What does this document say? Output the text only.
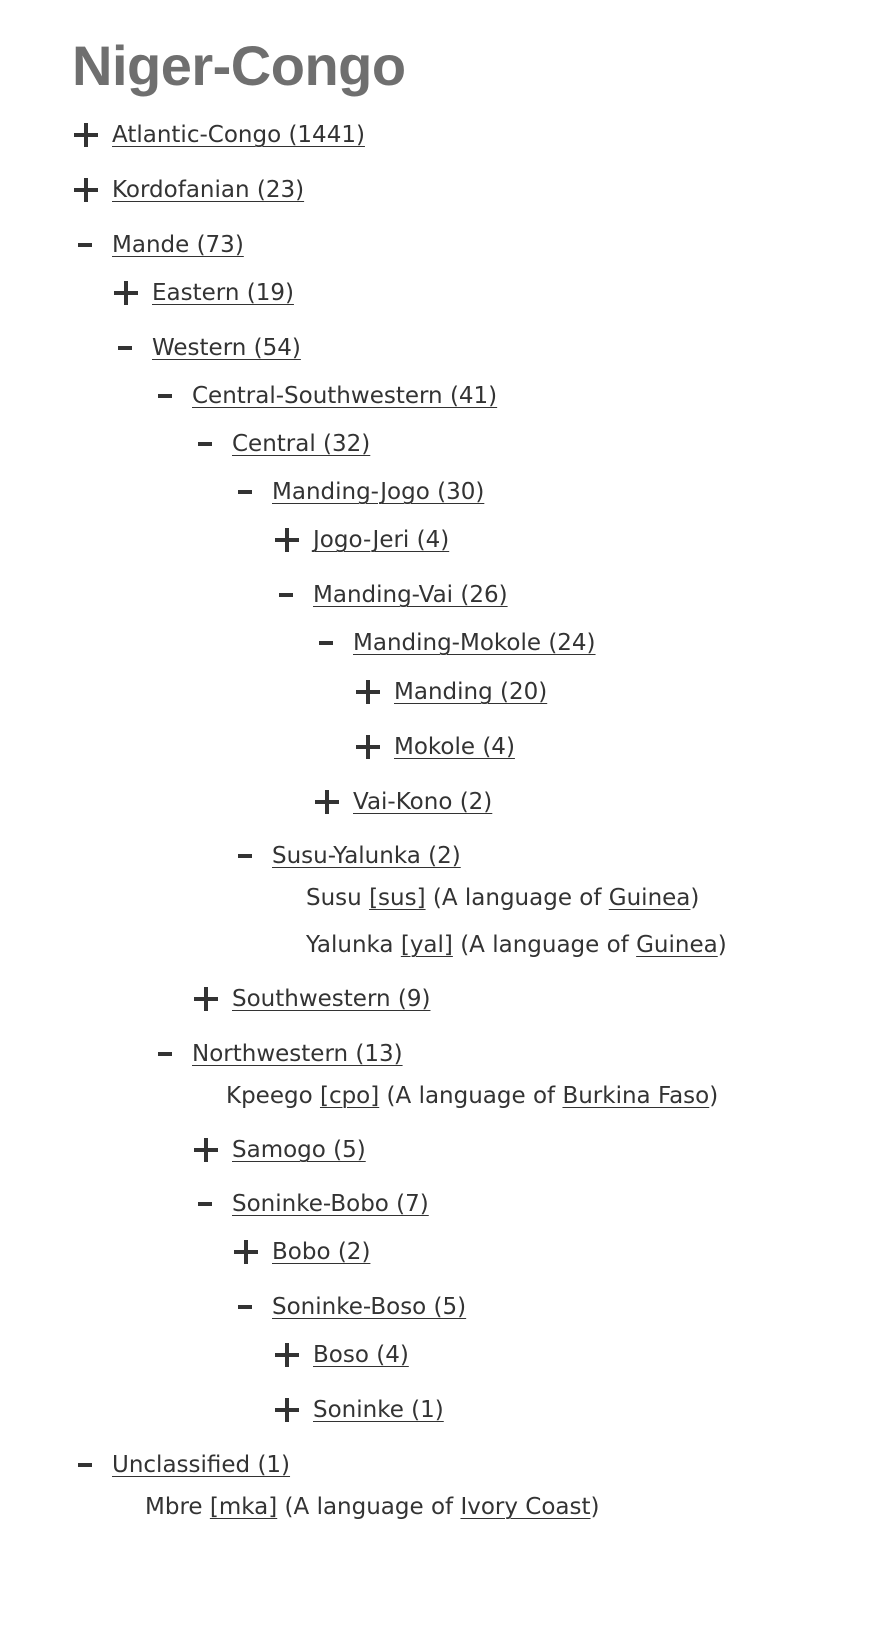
Niger-Congo
Atlantic-Congo (1441)
Kordofanian (23)
Mande (73)
Eastern (19)
Western (54)
Central-Southwestern (41)
Central (32)
Manding-Jogo (30)
Jogo-Jeri (4)
Manding-Vai (26)
Manding-Mokole (24)
Manding (20)
Mokole (4)
Vai-Kono (2)
Susu-Yalunka (2)
Susu
[sus]
(A language of Guinea )
Yalunka
[yal]
(A language of Guinea )
Southwestern (9)
Northwestern (13)
Kpeego
[cpo]
(A language of Burkina Faso )
Samogo (5)
Soninke-Bobo (7)
Bobo (2)
Soninke-Boso (5)
Boso (4)
Soninke (1)
Unclassified (1)
Mbre
[mka]
(A language of Ivory Coast )
